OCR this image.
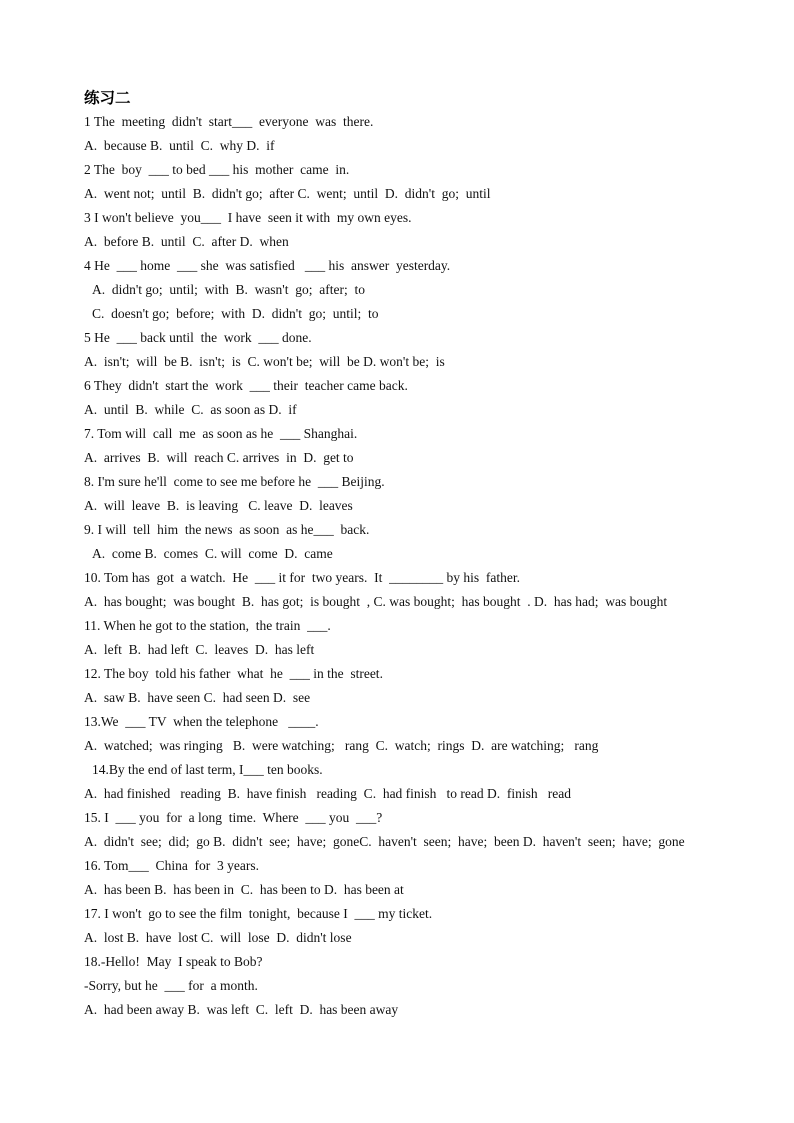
练习二
1 The  meeting  didn't  start___  everyone  was  there.
A.  because B.  until  C.  why D.  if
2 The  boy  ___ to bed ___ his  mother  came  in.
A.  went not;  until  B.  didn't go;  after C.  went;  until  D.  didn't  go;  until
3 I won't believe  you___  I have  seen it with  my own eyes.
A.  before B.  until  C.  after D.  when
4 He  ___ home  ___ she  was satisfied   ___ his  answer  yesterday.
A.  didn't go;  until;  with  B.  wasn't  go;  after;  to
C.  doesn't go;  before;  with  D.  didn't  go;  until;  to
5 He  ___ back until  the  work  ___ done.
A.  isn't;  will  be B.  isn't;  is  C. won't be;  will  be D. won't be;  is
6 They  didn't  start the  work  ___ their  teacher came back.
A.  until  B.  while  C.  as soon as D.  if
7. Tom will  call  me  as soon as he  ___ Shanghai.
A.  arrives  B.  will  reach C. arrives  in  D.  get to
8. I'm sure he'll  come to see me before he  ___ Beijing.
A.  will  leave  B.  is leaving   C. leave  D.  leaves
9. I will  tell  him  the news  as soon  as he___  back.
A.  come B.  comes  C. will  come  D.  came
10. Tom has  got  a watch.  He  ___ it for  two years.  It  ________ by his  father.
A.  has bought;  was bought  B.  has got;  is bought  , C. was bought;  has bought  . D.  has had;  was bought
11. When he got to the station,  the train  ___.
A.  left  B.  had left  C.  leaves  D.  has left
12. The boy  told his father  what  he  ___ in the  street.
A.  saw B.  have seen C.  had seen D.  see
13.We  ___ TV  when the telephone   ____.
A.  watched;  was ringing   B.  were watching;   rang  C.  watch;  rings  D.  are watching;   rang
14.By the end of last term, I___ ten books.
A.  had finished   reading  B.  have finish   reading  C.  had finish   to read D.  finish   read
15. I  ___ you  for  a long  time.  Where  ___ you  ___?
A.  didn't  see;  did;  go B.  didn't  see;  have;  goneC.  haven't  seen;  have;  been D.  haven't  seen;  have;  gone
16. Tom___  China  for  3 years.
A.  has been B.  has been in  C.  has been to D.  has been at
17. I won't  go to see the film  tonight,  because I  ___ my ticket.
A.  lost B.  have  lost C.  will  lose  D.  didn't lose
18.-Hello!  May  I speak to Bob?
-Sorry, but he  ___ for  a month.
A.  had been away B.  was left  C.  left  D.  has been away
